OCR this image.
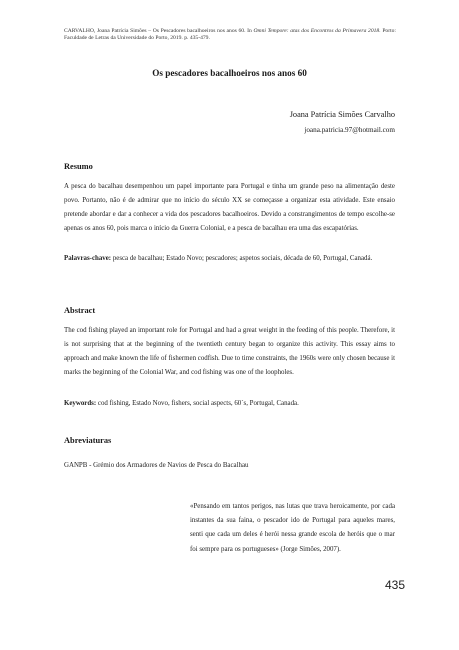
CARVALHO, Joana Patrícia Simões – Os Pescadores bacalhoeiros nos anos 60. In Omni Tempore: atas dos Encontros da Primavera 2018. Porto: Faculdade de Letras da Universidade do Porto, 2019. p. 435-479.
Os pescadores bacalhoeiros nos anos 60
Joana Patrícia Simões Carvalho
joana.patricia.97@hotmail.com
Resumo
A pesca do bacalhau desempenhou um papel importante para Portugal e tinha um grande peso na alimentação deste povo. Portanto, não é de admirar que no início do século XX se começasse a organizar esta atividade. Este ensaio pretende abordar e dar a conhecer a vida dos pescadores bacalhoeiros. Devido a constrangimentos de tempo escolhe-se apenas os anos 60, pois marca o início da Guerra Colonial, e a pesca de bacalhau era uma das escapatórias.
Palavras-chave: pesca de bacalhau; Estado Novo; pescadores; aspetos sociais, década de 60, Portugal, Canadá.
Abstract
The cod fishing played an important role for Portugal and had a great weight in the feeding of this people. Therefore, it is not surprising that at the beginning of the twentieth century began to organize this activity. This essay aims to approach and make known the life of fishermen codfish. Due to time constraints, the 1960s were only chosen because it marks the beginning of the Colonial War, and cod fishing was one of the loopholes.
Keywords: cod fishing, Estado Novo, fishers, social aspects, 60´s, Portugal, Canada.
Abreviaturas
GANPB - Grémio dos Armadores de Navios de Pesca do Bacalhau
«Pensando em tantos perigos, nas lutas que trava heroicamente, por cada instantes da sua faina, o pescador ido de Portugal para aqueles mares, senti que cada um deles é herói nessa grande escola de heróis que o mar foi sempre para os portugueses» (Jorge Simões, 2007).
435
